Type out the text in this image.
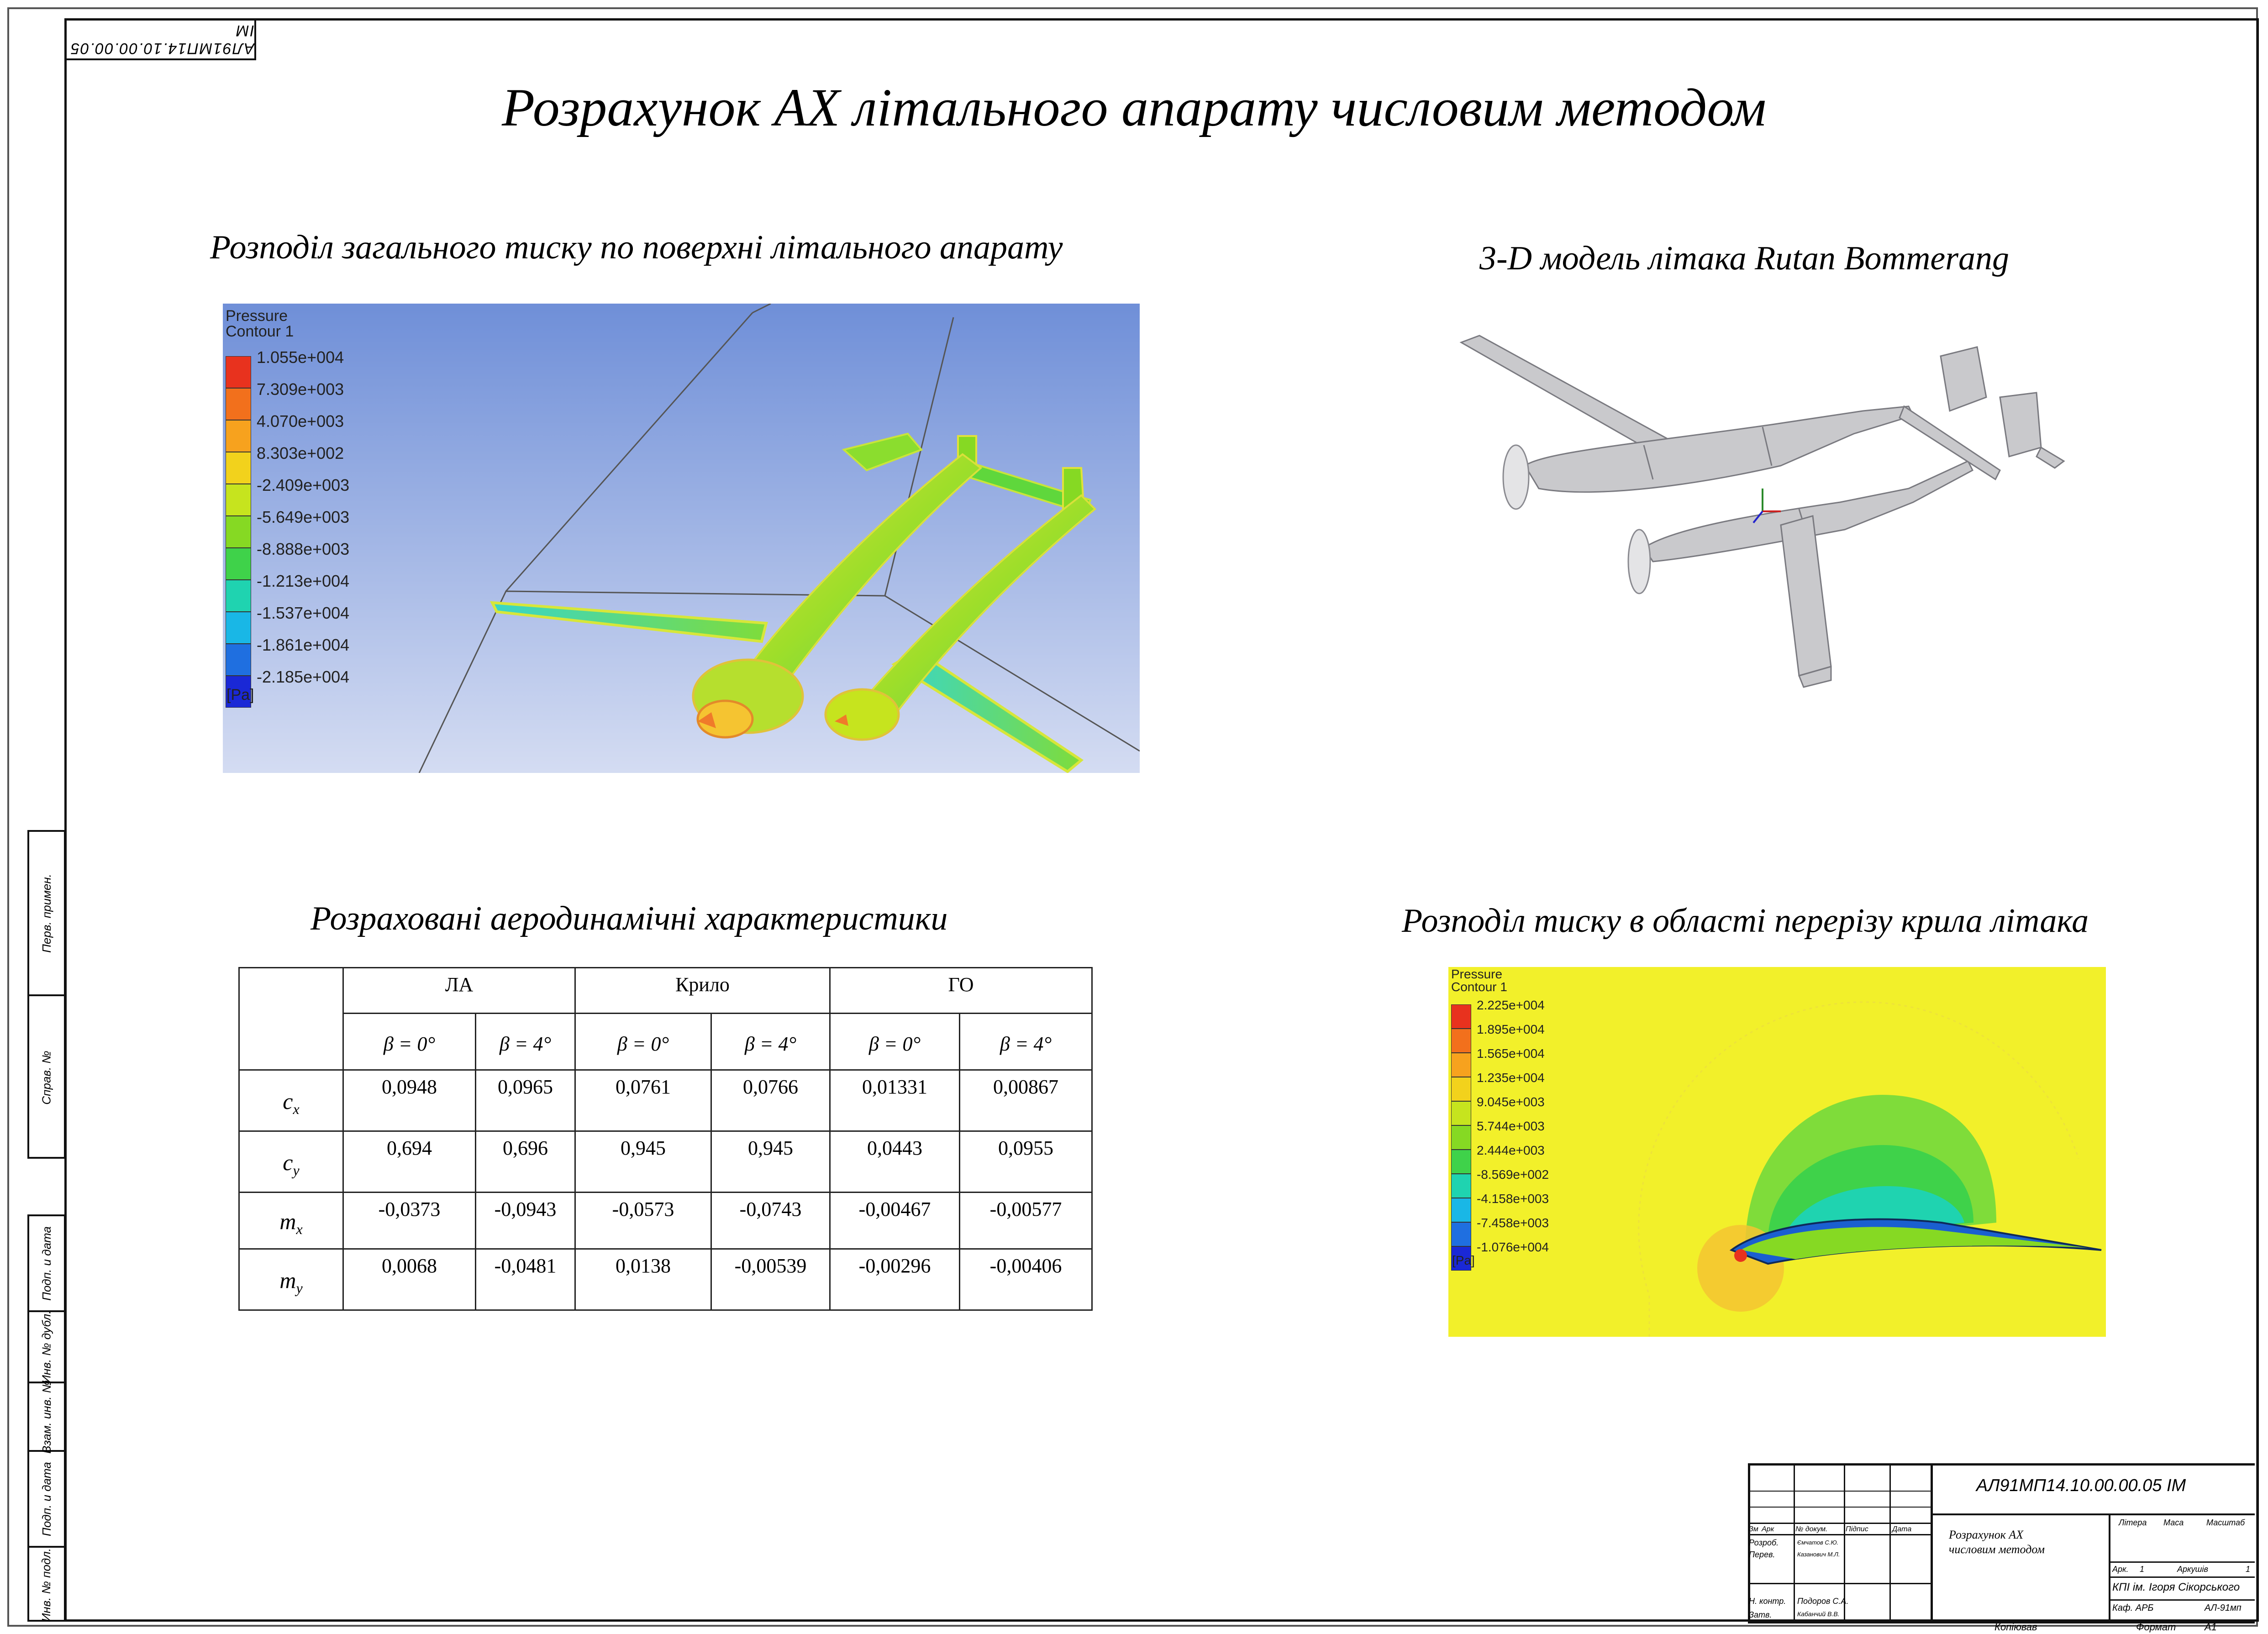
АЛ91МП14.10.00.00.05 IM
Розрахунок АХ літального апарату числовим методом
Розподіл загального тиску по поверхні літального апарату	3-D модель літака Rutan Bommerang
Розраховані аеродинамічні характеристики	Розподіл тиску в області перерізу крила літака
Pressure
Contour 1
1.055e+004
7.309e+003
4.070e+003
8.303e+002
-2.409e+003
-5.649e+003
-8.888e+003
-1.213e+004
-1.537e+004
-1.861e+004
-2.185e+004
[Pa]
	ЛА		Крило		ГО	
	β = 0°	β = 4°	β = 0°	β = 4°	β = 0°	β = 4°
$c_x$	0,0948	0,0965	0,0761	0,0766	0,01331	0,00867
$c_y$	0,694	0,696	0,945	0,945	0,0443	0,0955
$m_x$	-0,0373	-0,0943	-0,0573	-0,0743	-0,00467	-0,00577
$m_y$	0,0068	-0,0481	0,0138	-0,00539	-0,00296	-0,00406
Pressure
Contour 1
2.225e+004
1.895e+004
1.565e+004
1.235e+004
9.045e+003
5.744e+003
2.444e+003
-8.569e+002
-4.158e+003
-7.458e+003
-1.076e+004
[Pa]
Перв. примен.
Справ. №
Подп. и дата
Инв. № дубл.
Взам. инв. №
Подп. и дата
Инв. № подл.
АЛ91МП14.10.00.00.05 IM
Зм Арк	№ докум. Підпис	Дата
Розроб.	Ємчатов С.Ю.
Перев.	Казанович М.Л.
Н. контр. Подоров С.А.
Затв.	Кабанчий В.В.
Розрахунок АХ
числовим методом
Літера Маса	Масштаб
Арк. 1	Аркушів	1
КПІ ім. Ігоря Сікорського
Каф. АРБ	АЛ-91мп
Копіював	Формат	А1
